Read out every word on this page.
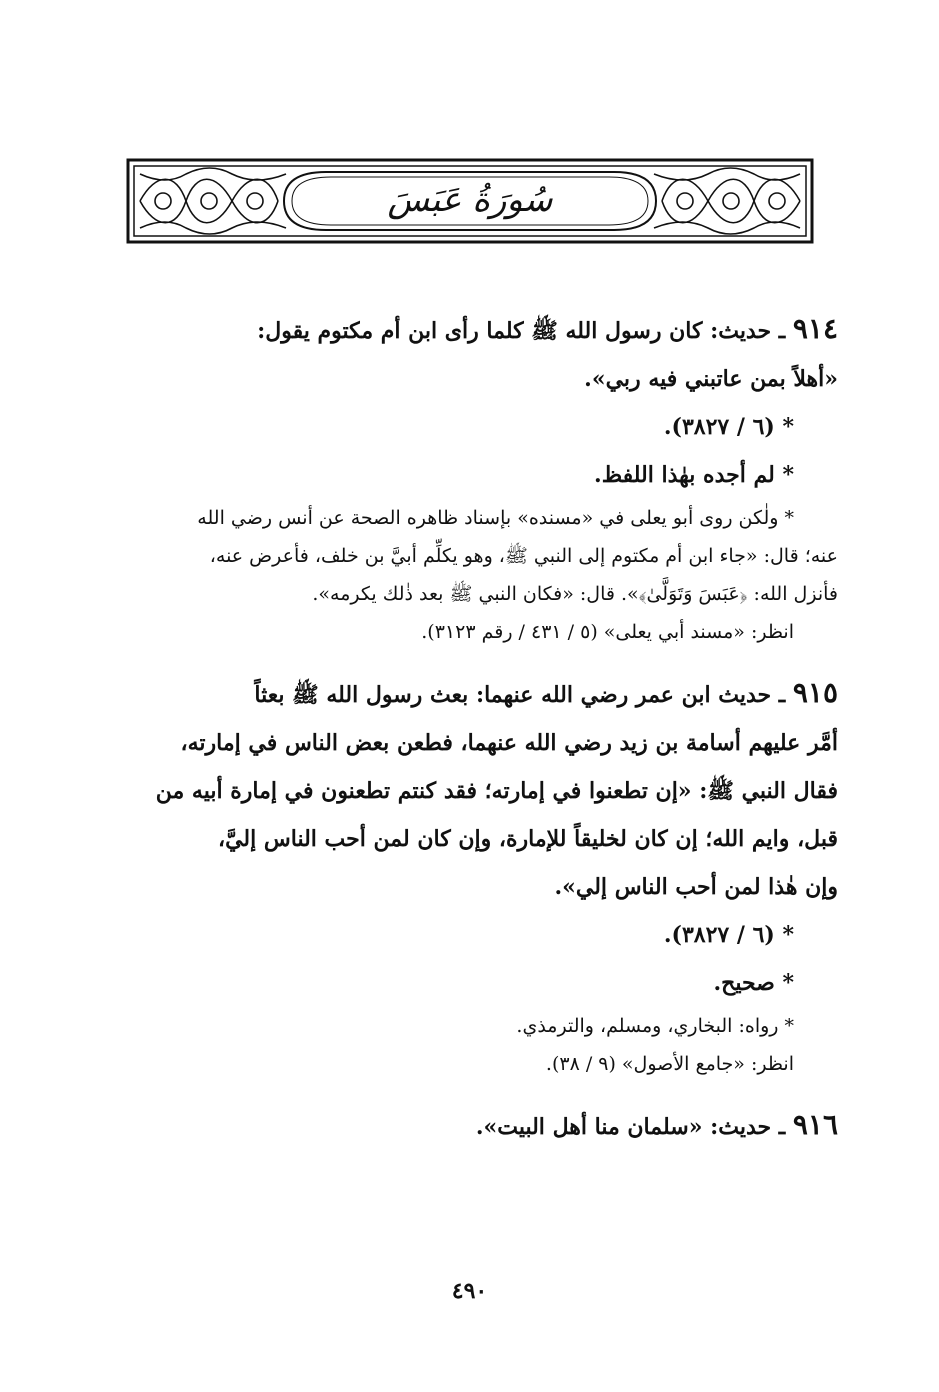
سُورَةُ عَبَسَ

٩١٤ ـ حديث: كان رسول الله ﷺ كلما رأى ابن أم مكتوم يقول:

«أهلاً بمن عاتبني فيه ربي».

* (٦ / ٣٨٢٧).

* لم أجده بهٰذا اللفظ.

* ولٰكن روى أبو يعلى في «مسنده» بإسناد ظاهره الصحة عن أنس رضي الله

عنه؛ قال: «جاء ابن أم مكتوم إلى النبي ﷺ، وهو يكلِّم أبيَّ بن خلف، فأعرض عنه،

فأنزل الله: ﴿عَبَسَ وَتَوَلَّىٰ﴾». قال: «فكان النبي ﷺ بعد ذٰلك يكرمه».

انظر: «مسند أبي يعلى» (٥ / ٤٣١ / رقم ٣١٢٣).

٩١٥ ـ حديث ابن عمر رضي الله عنهما: بعث رسول الله ﷺ بعثاً

أمَّر عليهم أسامة بن زيد رضي الله عنهما، فطعن بعض الناس في إمارته،

فقال النبي ﷺ: «إن تطعنوا في إمارته؛ فقد كنتم تطعنون في إمارة أبيه من

قبل، وايم الله؛ إن كان لخليقاً للإمارة، وإن كان لمن أحب الناس إليَّ،

وإن هٰذا لمن أحب الناس إلي».

* (٦ / ٣٨٢٧).

* صحيح.

* رواه: البخاري، ومسلم، والترمذي.

انظر: «جامع الأصول» (٩ / ٣٨).

٩١٦ ـ حديث: «سلمان منا أهل البيت».

٤٩٠
